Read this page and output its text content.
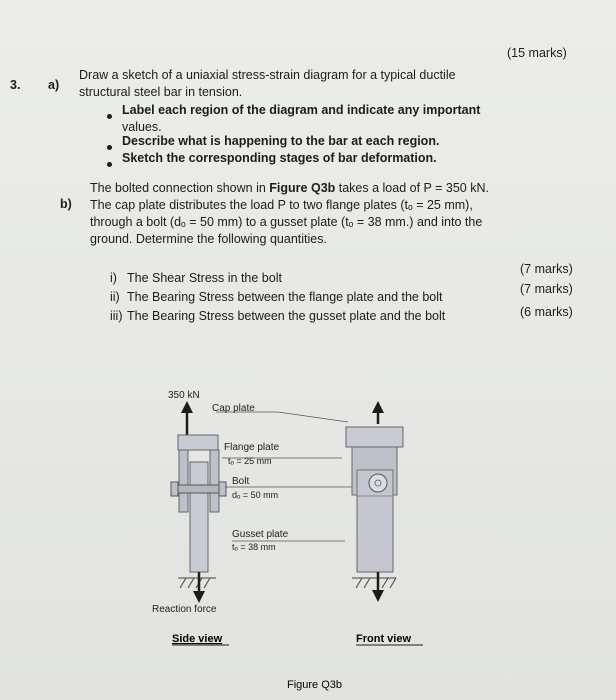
3. a)
Draw a sketch of a uniaxial stress-strain diagram for a typical ductile
structural steel bar in tension.
(15 marks)
Label each region of the diagram and indicate any important
values.
Describe what is happening to the bar at each region.
Sketch the corresponding stages of bar deformation.
b)
The bolted connection shown in Figure Q3b takes a load of P = 350 kN.
The cap plate distributes the load P to two flange plates (tₒ = 25 mm),
through a bolt (dₒ = 50 mm) to a gusset plate (tₒ = 38 mm.) and into the
ground. Determine the following quantities.
i) The Shear Stress in the bolt
(7 marks)
ii) The Bearing Stress between the flange plate and the bolt
(7 marks)
iii) The Bearing Stress between the gusset plate and the bolt	(6 marks)
350 kN
Cap plate
Flange plate
tₒ = 25 mm
Bolt
dₒ = 50 mm
Gusset plate
tₒ = 38 mm
Reaction force
Side view	Front view
Figure Q3b
